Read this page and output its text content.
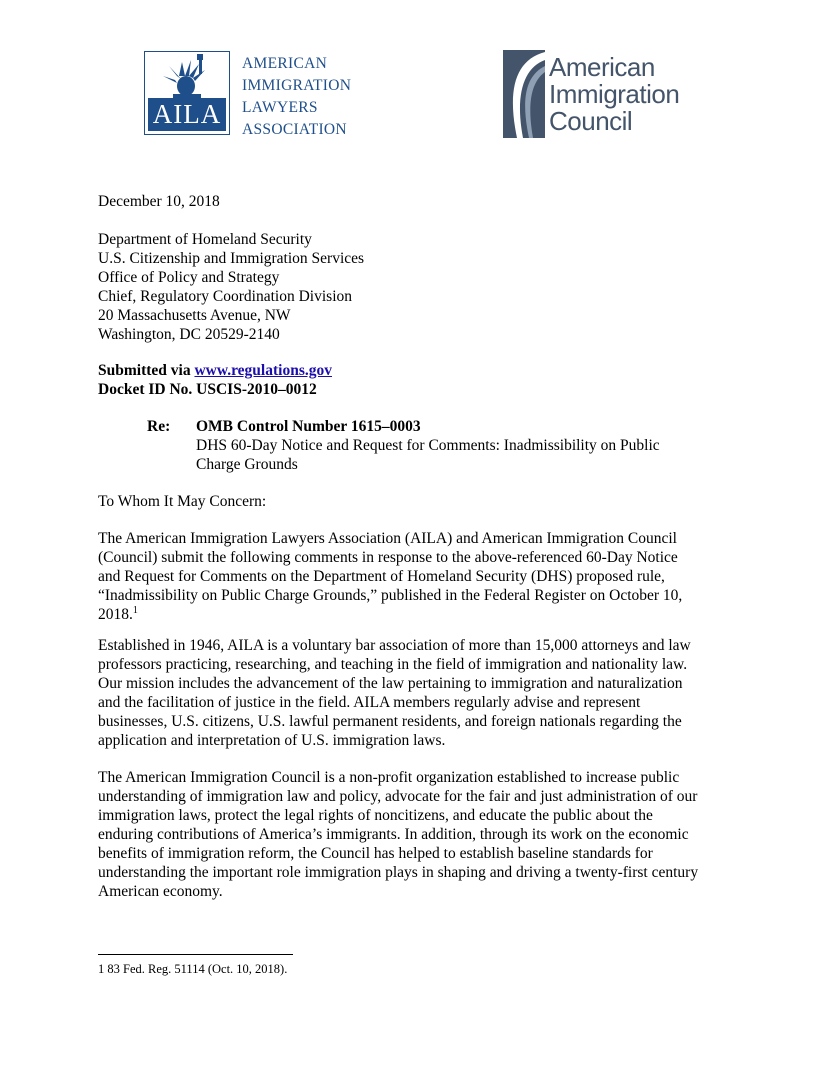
AILA
AMERICAN
IMMIGRATION
LAWYERS
ASSOCIATION
American
Immigration
Council
December 10, 2018
Department of Homeland Security
U.S. Citizenship and Immigration Services
Office of Policy and Strategy
Chief, Regulatory Coordination Division
20 Massachusetts Avenue, NW
Washington, DC 20529-2140
Submitted via www.regulations.gov
Docket ID No. USCIS-2010–0012
Re: OMB Control Number 1615–0003
DHS 60-Day Notice and Request for Comments: Inadmissibility on Public
Charge Grounds
To Whom It May Concern:
The American Immigration Lawyers Association (AILA) and American Immigration Council
(Council) submit the following comments in response to the above-referenced 60-Day Notice
and Request for Comments on the Department of Homeland Security (DHS) proposed rule,
“Inadmissibility on Public Charge Grounds,” published in the Federal Register on October 10,
2018.$^1$
Established in 1946, AILA is a voluntary bar association of more than 15,000 attorneys and law
professors practicing, researching, and teaching in the field of immigration and nationality law.
Our mission includes the advancement of the law pertaining to immigration and naturalization
and the facilitation of justice in the field. AILA members regularly advise and represent
businesses, U.S. citizens, U.S. lawful permanent residents, and foreign nationals regarding the
application and interpretation of U.S. immigration laws.
The American Immigration Council is a non-profit organization established to increase public
understanding of immigration law and policy, advocate for the fair and just administration of our
immigration laws, protect the legal rights of noncitizens, and educate the public about the
enduring contributions of America’s immigrants. In addition, through its work on the economic
benefits of immigration reform, the Council has helped to establish baseline standards for
understanding the important role immigration plays in shaping and driving a twenty-first century
American economy.
1 83 Fed. Reg. 51114 (Oct. 10, 2018).
